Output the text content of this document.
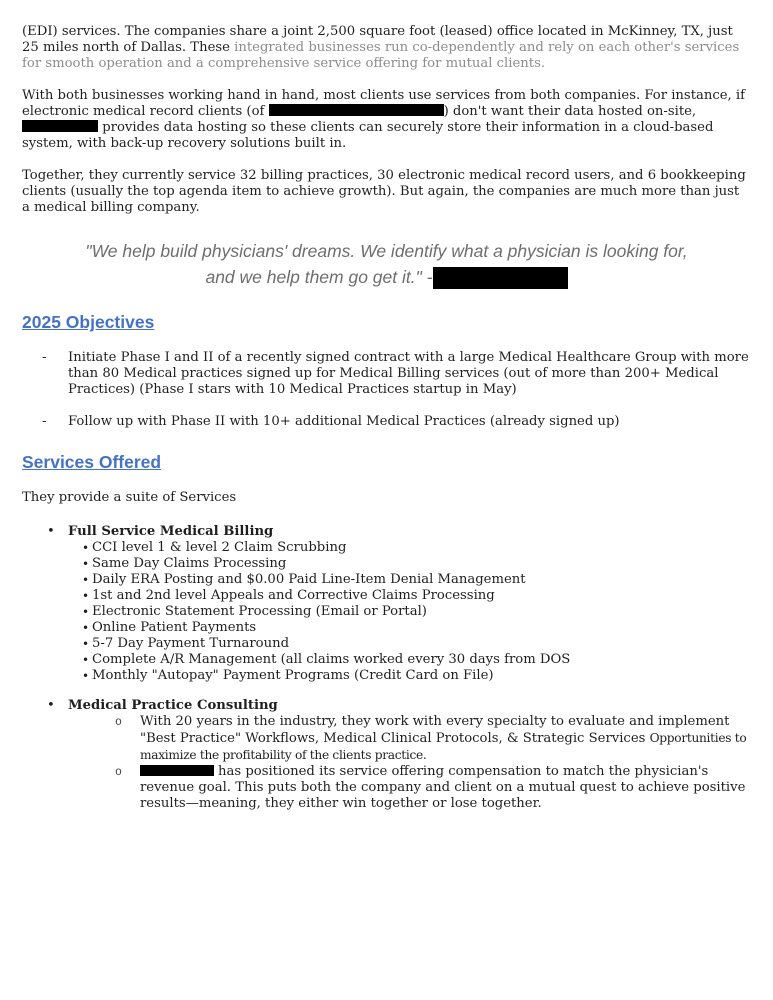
(EDI) services. The companies share a joint 2,500 square foot (leased) office located in McKinney, TX, just 25 miles north of Dallas. These integrated businesses run co-dependently and rely on each other's services for smooth operation and a comprehensive service offering for mutual clients.

With both businesses working hand in hand, most clients use services from both companies. For instance, if electronic medical record clients (of	) don't want their data hosted on-site,  provides data hosting so these clients can securely store their information in a cloud-based system, with back-up recovery solutions built in.

Together, they currently service 32 billing practices, 30 electronic medical record users, and 6 bookkeeping clients (usually the top agenda item to achieve growth). But again, the companies are much more than just a medical billing company.

"We help build physicians' dreams. We identify what a physician is looking for,
and we help them go get it." -
2025 Objectives
-	Initiate Phase I and II of a recently signed contract with a large Medical Healthcare Group with more than 80 Medical practices signed up for Medical Billing services (out of more than 200+ Medical Practices) (Phase I stars with 10 Medical Practices startup in May)
-	Follow up with Phase II with 10+ additional Medical Practices (already signed up)
Services Offered

They provide a suite of Services

•	Full Service Medical Billing
• CCI level 1 & level 2 Claim Scrubbing
• Same Day Claims Processing
• Daily ERA Posting and $0.00 Paid Line-Item Denial Management
• 1st and 2nd level Appeals and Corrective Claims Processing
• Electronic Statement Processing (Email or Portal)
• Online Patient Payments
• 5-7 Day Payment Turnaround
• Complete A/R Management (all claims worked every 30 days from DOS
• Monthly "Autopay" Payment Programs (Credit Card on File)
•	Medical Practice Consulting
o	With 20 years in the industry, they work with every specialty to evaluate and implement "Best Practice" Workflows, Medical Clinical Protocols, & Strategic Services Opportunities to maximize the profitability of the clients practice.
o	has positioned its service offering compensation to match the physician's revenue goal. This puts both the company and client on a mutual quest to achieve positive results—meaning, they either win together or lose together.
